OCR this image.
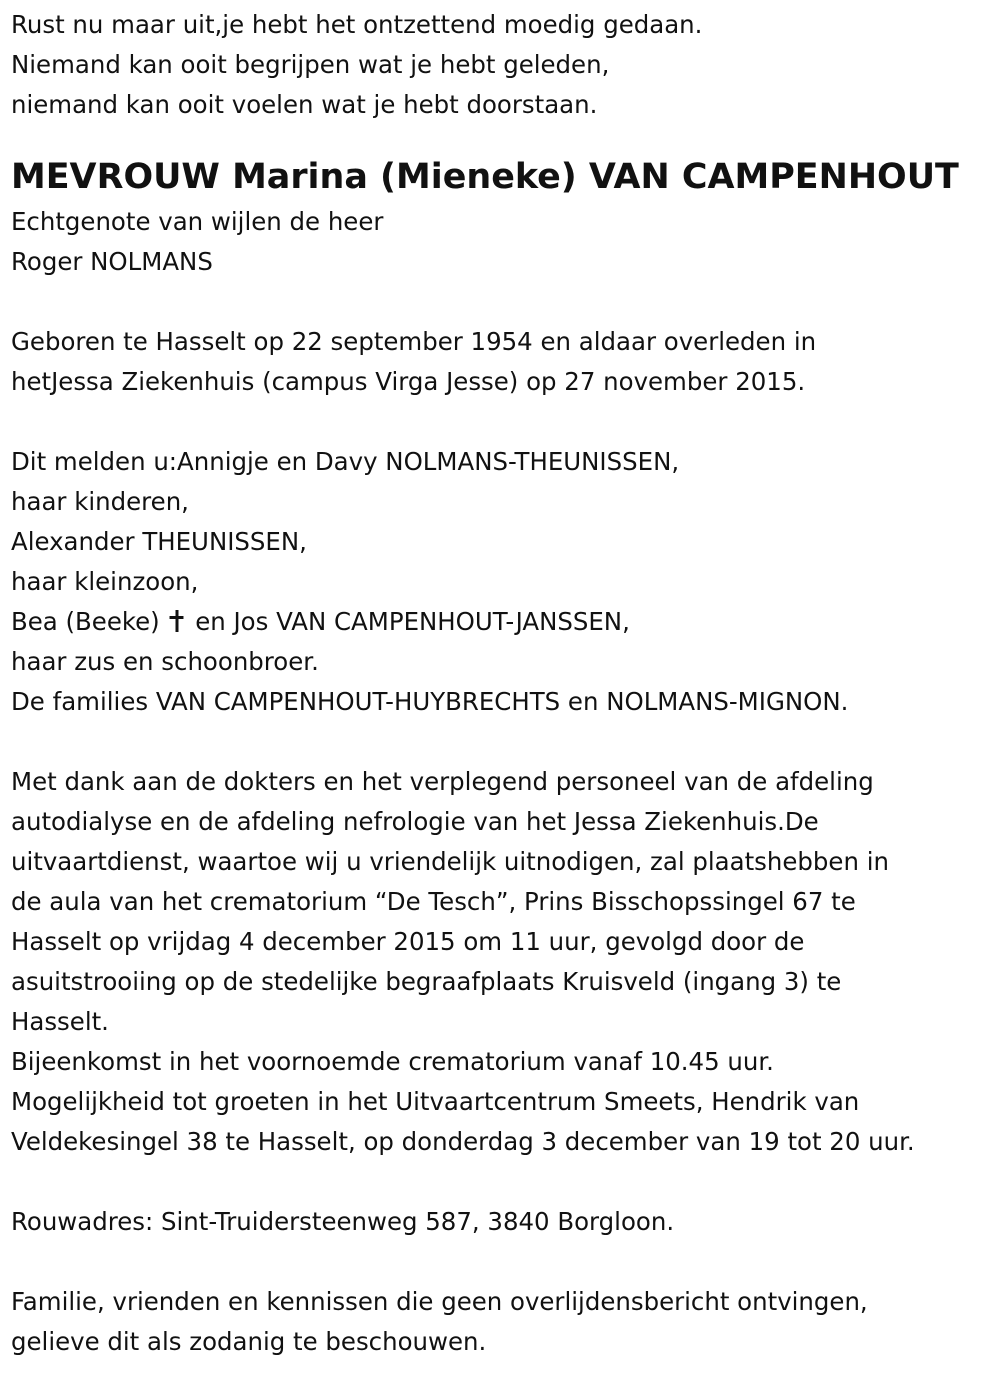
Rust nu maar uit,je hebt het ontzettend moedig gedaan.
Niemand kan ooit begrijpen wat je hebt geleden,
niemand kan ooit voelen wat je hebt doorstaan.
MEVROUW Marina (Mieneke) VAN CAMPENHOUT
Echtgenote van wijlen de heer
Roger NOLMANS
Geboren te Hasselt op 22 september 1954 en aldaar overleden in
hetJessa Ziekenhuis (campus Virga Jesse) op 27 november 2015.
Dit melden u:Annigje en Davy NOLMANS-THEUNISSEN,
haar kinderen,
Alexander THEUNISSEN,
haar kleinzoon,
Bea (Beeke) en Jos VAN CAMPENHOUT-JANSSEN,
haar zus en schoonbroer.
De families VAN CAMPENHOUT-HUYBRECHTS en NOLMANS-MIGNON.
Met dank aan de dokters en het verplegend personeel van de afdeling
autodialyse en de afdeling nefrologie van het Jessa Ziekenhuis.De
uitvaartdienst, waartoe wij u vriendelijk uitnodigen, zal plaatshebben in
de aula van het crematorium “De Tesch”, Prins Bisschopssingel 67 te
Hasselt op vrijdag 4 december 2015 om 11 uur, gevolgd door de
asuitstrooiing op de stedelijke begraafplaats Kruisveld (ingang 3) te
Hasselt.
Bijeenkomst in het voornoemde crematorium vanaf 10.45 uur.
Mogelijkheid tot groeten in het Uitvaartcentrum Smeets, Hendrik van
Veldekesingel 38 te Hasselt, op donderdag 3 december van 19 tot 20 uur.
Rouwadres: Sint-Truidersteenweg 587, 3840 Borgloon.
Familie, vrienden en kennissen die geen overlijdensbericht ontvingen,
gelieve dit als zodanig te beschouwen.
